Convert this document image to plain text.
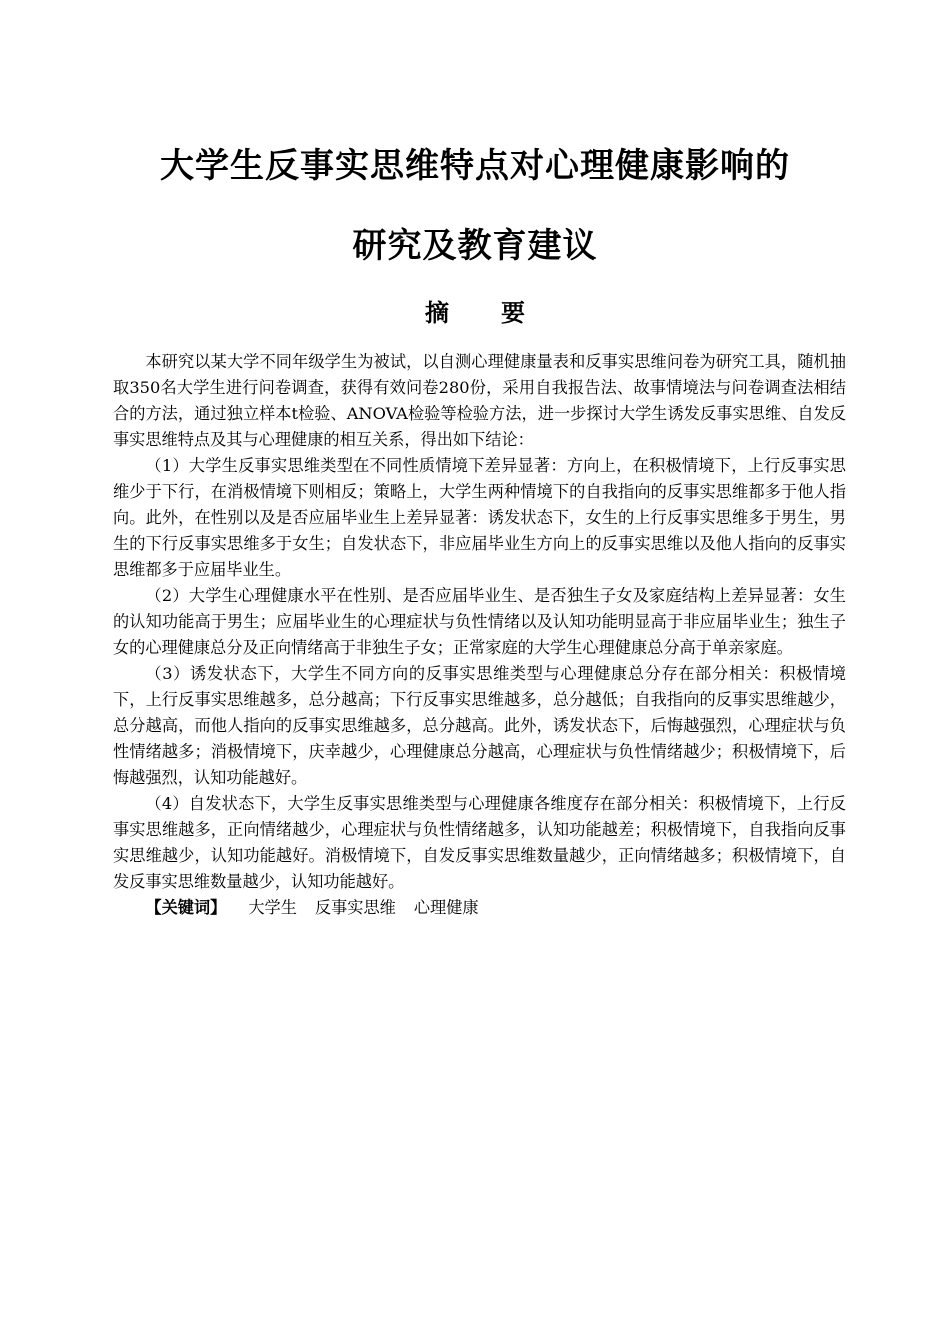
大学生反事实思维特点对心理健康影响的
研究及教育建议
摘 要

本研究以某大学不同年级学生为被试，以自测心理健康量表和反事实思维问卷为研究工具，随机抽取350名大学生进行问卷调查，获得有效问卷280份，采用自我报告法、故事情境法与问卷调查法相结合的方法，通过独立样本t检验、ANOVA检验等检验方法，进一步探讨大学生诱发反事实思维、自发反事实思维特点及其与心理健康的相互关系，得出如下结论：

（1）大学生反事实思维类型在不同性质情境下差异显著：方向上，在积极情境下，上行反事实思维少于下行，在消极情境下则相反；策略上，大学生两种情境下的自我指向的反事实思维都多于他人指向。此外，在性别以及是否应届毕业生上差异显著：诱发状态下，女生的上行反事实思维多于男生，男生的下行反事实思维多于女生；自发状态下，非应届毕业生方向上的反事实思维以及他人指向的反事实思维都多于应届毕业生。

（2）大学生心理健康水平在性别、是否应届毕业生、是否独生子女及家庭结构上差异显著：女生的认知功能高于男生；应届毕业生的心理症状与负性情绪以及认知功能明显高于非应届毕业生；独生子女的心理健康总分及正向情绪高于非独生子女；正常家庭的大学生心理健康总分高于单亲家庭。

（3）诱发状态下，大学生不同方向的反事实思维类型与心理健康总分存在部分相关：积极情境下，上行反事实思维越多，总分越高；下行反事实思维越多，总分越低；自我指向的反事实思维越少，总分越高，而他人指向的反事实思维越多，总分越高。此外，诱发状态下，后悔越强烈，心理症状与负性情绪越多；消极情境下，庆幸越少，心理健康总分越高，心理症状与负性情绪越少；积极情境下，后悔越强烈，认知功能越好。

（4）自发状态下，大学生反事实思维类型与心理健康各维度存在部分相关：积极情境下，上行反事实思维越多，正向情绪越少，心理症状与负性情绪越多，认知功能越差；积极情境下，自我指向反事实思维越少，认知功能越好。消极情境下，自发反事实思维数量越少，正向情绪越多；积极情境下，自发反事实思维数量越少，认知功能越好。

【关键词】 大学生 反事实思维 心理健康
